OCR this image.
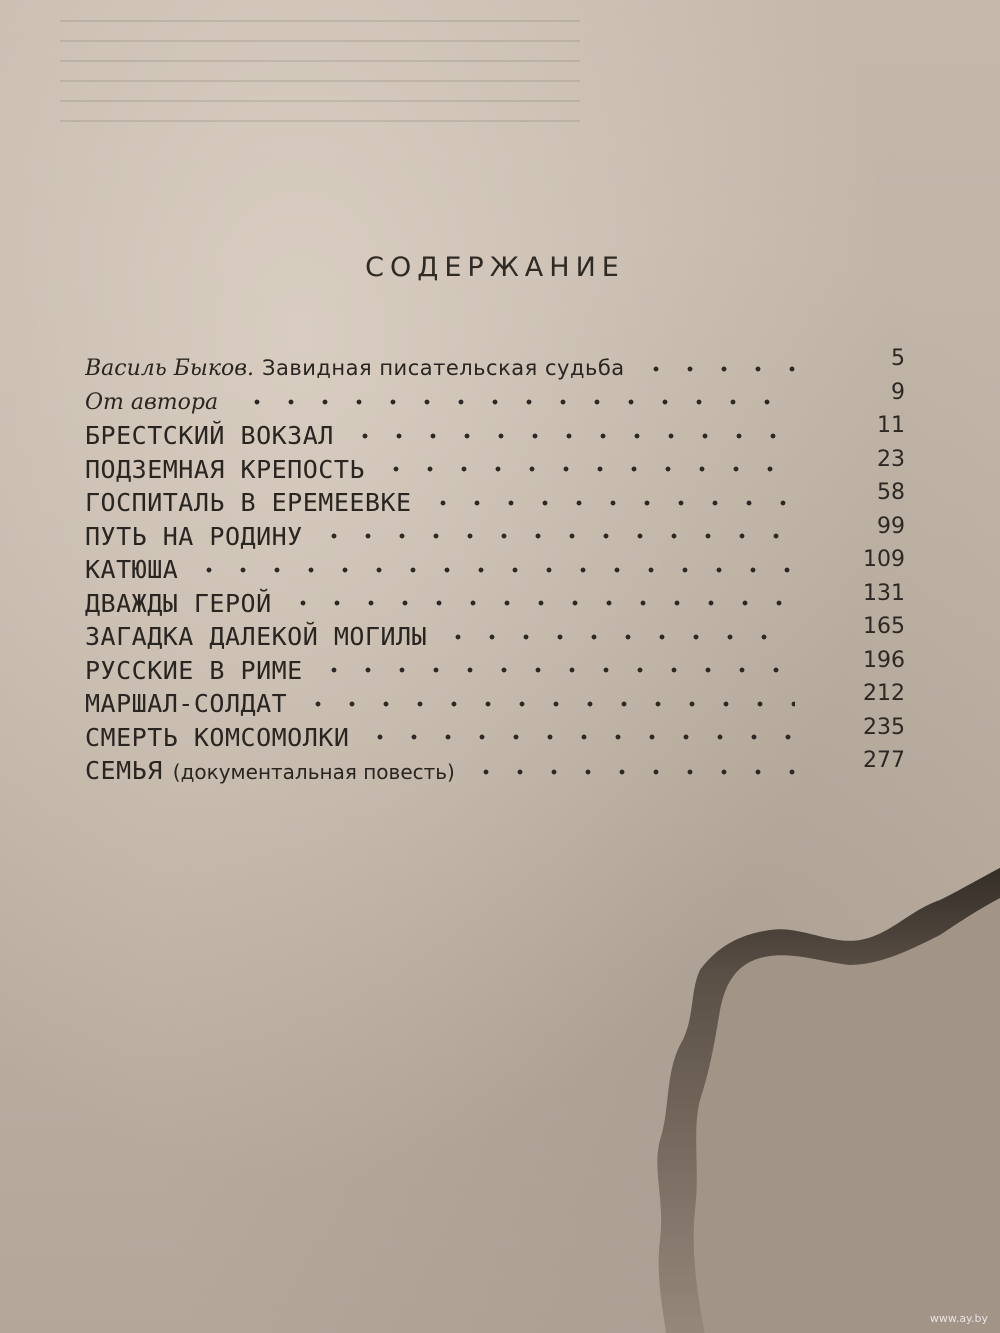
СОДЕРЖАНИЕ
Василь Быков. Завидная писательская судьба	5
От автора	9
БРЕСТСКИЙ ВОКЗАЛ	11
ПОДЗЕМНАЯ КРЕПОСТЬ	23
ГОСПИТАЛЬ В ЕРЕМЕЕВКЕ	58
ПУТЬ НА РОДИНУ	99
КАТЮША	109
ДВАЖДЫ ГЕРОЙ	131
ЗАГАДКА ДАЛЕКОЙ МОГИЛЫ	165
РУССКИЕ В РИМЕ	196
МАРШАЛ-СОЛДАТ	212
СМЕРТЬ КОМСОМОЛКИ	235
СЕМЬЯ (документальная повесть)	277
www.ay.by
